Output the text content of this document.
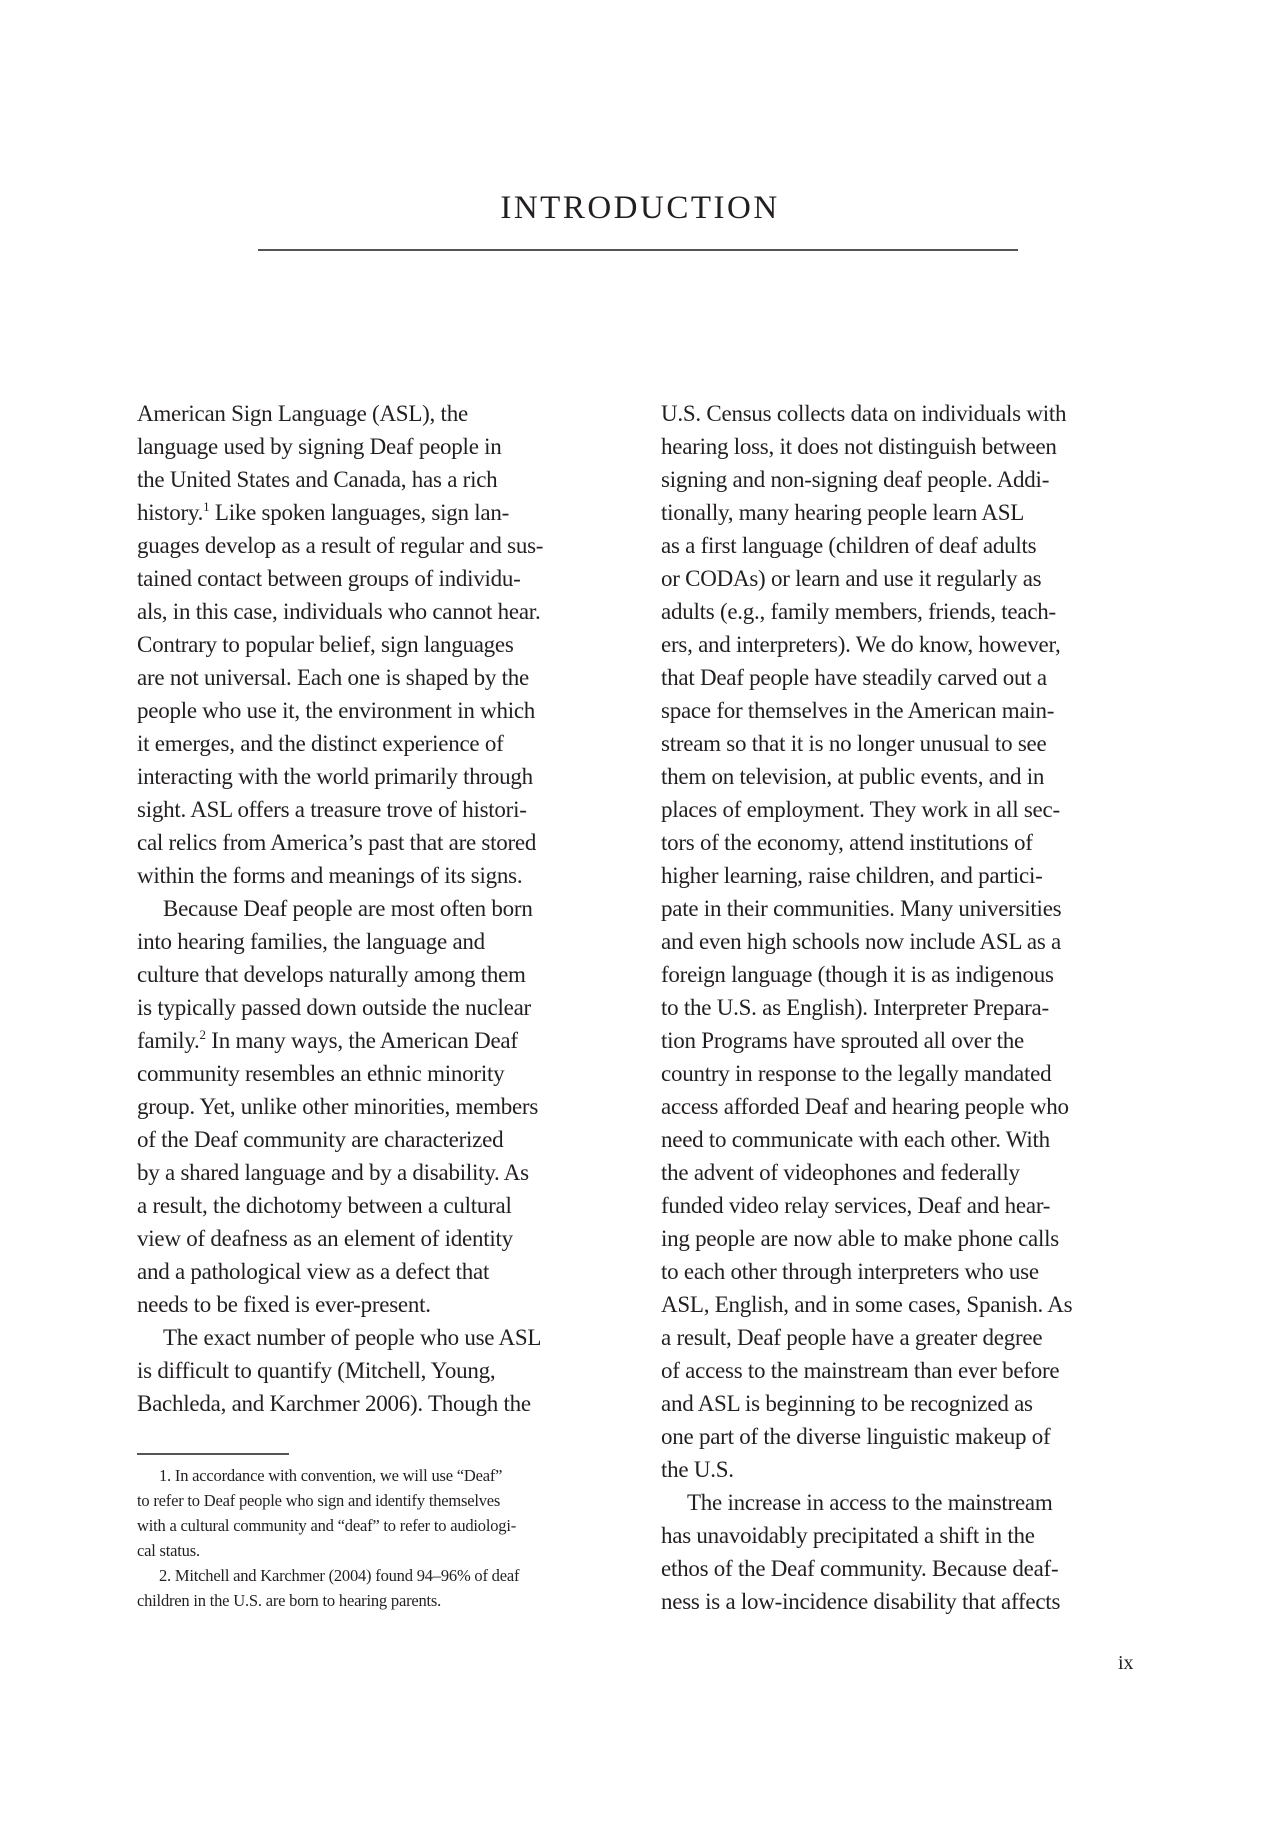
INTRODUCTION
American Sign Language (ASL), the
language used by signing Deaf people in
the United States and Canada, has a rich
history.$^1$ Like spoken languages, sign lan-
guages develop as a result of regular and sus-
tained contact between groups of individu-
als, in this case, individuals who cannot hear.
Contrary to popular belief, sign languages
are not universal. Each one is shaped by the
people who use it, the environment in which
it emerges, and the distinct experience of
interacting with the world primarily through
sight. ASL offers a treasure trove of histori-
cal relics from America’s past that are stored
within the forms and meanings of its signs.
Because Deaf people are most often born
into hearing families, the language and
culture that develops naturally among them
is typically passed down outside the nuclear
family.$^2$ In many ways, the American Deaf
community resembles an ethnic minority
group. Yet, unlike other minorities, members
of the Deaf community are characterized
by a shared language and by a disability. As
a result, the dichotomy between a cultural
view of deafness as an element of identity
and a pathological view as a defect that
needs to be fixed is ever-present.
The exact number of people who use ASL
is difficult to quantify (Mitchell, Young,
Bachleda, and Karchmer 2006). Though the
U.S. Census collects data on individuals with
hearing loss, it does not distinguish between
signing and non-signing deaf people. Addi-
tionally, many hearing people learn ASL
as a first language (children of deaf adults
or CODAs) or learn and use it regularly as
adults (e.g., family members, friends, teach-
ers, and interpreters). We do know, however,
that Deaf people have steadily carved out a
space for themselves in the American main-
stream so that it is no longer unusual to see
them on television, at public events, and in
places of employment. They work in all sec-
tors of the economy, attend institutions of
higher learning, raise children, and partici-
pate in their communities. Many universities
and even high schools now include ASL as a
foreign language (though it is as indigenous
to the U.S. as English). Interpreter Prepara-
tion Programs have sprouted all over the
country in response to the legally mandated
access afforded Deaf and hearing people who
need to communicate with each other. With
the advent of videophones and federally
funded video relay services, Deaf and hear-
ing people are now able to make phone calls
to each other through interpreters who use
ASL, English, and in some cases, Spanish. As
a result, Deaf people have a greater degree
of access to the mainstream than ever before
and ASL is beginning to be recognized as
one part of the diverse linguistic makeup of
the U.S.
The increase in access to the mainstream
has unavoidably precipitated a shift in the
ethos of the Deaf community. Because deaf-
ness is a low-incidence disability that affects
1. In accordance with convention, we will use “Deaf”
to refer to Deaf people who sign and identify themselves
with a cultural community and “deaf” to refer to audiologi-
cal status.
2. Mitchell and Karchmer (2004) found 94–96% of deaf
children in the U.S. are born to hearing parents.
ix
